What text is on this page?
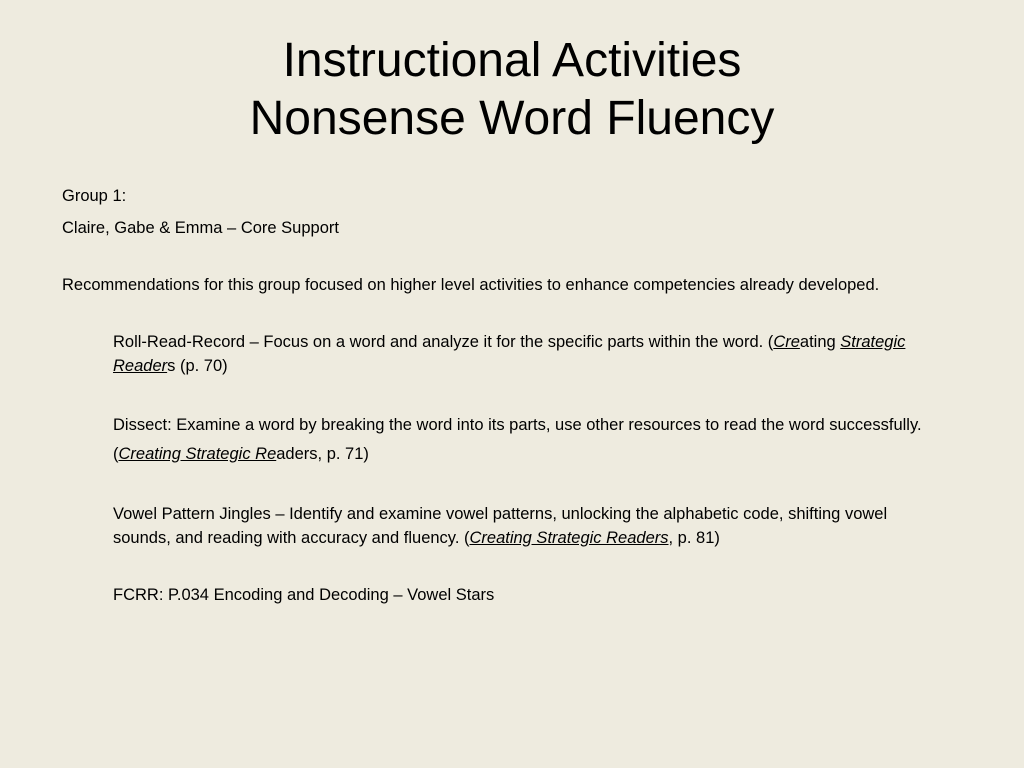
Instructional Activities
Nonsense Word Fluency

Group 1:

Claire, Gabe & Emma – Core Support

Recommendations for this group focused on higher level activities to enhance competencies already developed.

Roll-Read-Record – Focus on a word and analyze it for the specific parts within the word. (Creating Strategic Readers (p. 70)

Dissect: Examine a word by breaking the word into its parts, use other resources to read the word successfully. (Creating Strategic Readers, p. 71)

Vowel Pattern Jingles – Identify and examine vowel patterns, unlocking the alphabetic code, shifting vowel sounds, and reading with accuracy and fluency. (Creating Strategic Readers, p. 81)

FCRR: P.034 Encoding and Decoding – Vowel Stars
